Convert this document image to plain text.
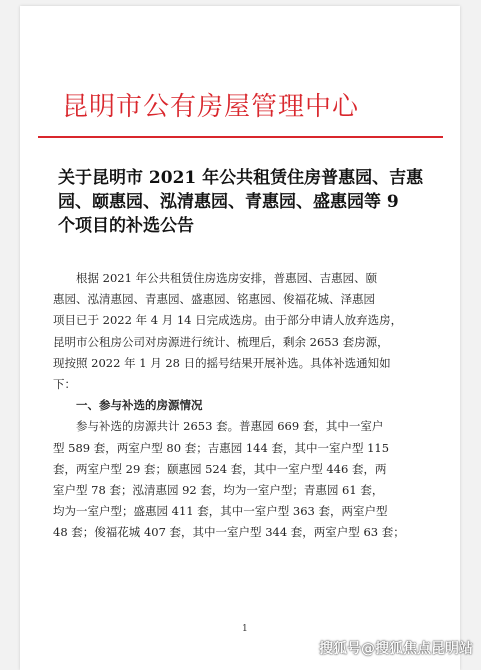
昆明市公有房屋管理中心
关于昆明市 2021 年公共租赁住房普惠园、吉惠
园、颐惠园、泓清惠园、青惠园、盛惠园等 9
个项目的补选公告
根据 2021 年公共租赁住房选房安排，普惠园、吉惠园、颐
惠园、泓清惠园、青惠园、盛惠园、铭惠园、俊福花城、泽惠园
项目已于 2022 年 4 月 14 日完成选房。由于部分申请人放弃选房，
昆明市公租房公司对房源进行统计、梳理后，剩余 2653 套房源，
现按照 2022 年 1 月 28 日的摇号结果开展补选。具体补选通知如
下：
一、参与补选的房源情况
参与补选的房源共计 2653 套。普惠园 669 套，其中一室户
型 589 套，两室户型 80 套；吉惠园 144 套，其中一室户型 115
套，两室户型 29 套；颐惠园 524 套，其中一室户型 446 套，两
室户型 78 套；泓清惠园 92 套，均为一室户型；青惠园 61 套，
均为一室户型；盛惠园 411 套，其中一室户型 363 套，两室户型
48 套；俊福花城 407 套，其中一室户型 344 套，两室户型 63 套；
1
搜狐号@搜狐焦点昆明站
